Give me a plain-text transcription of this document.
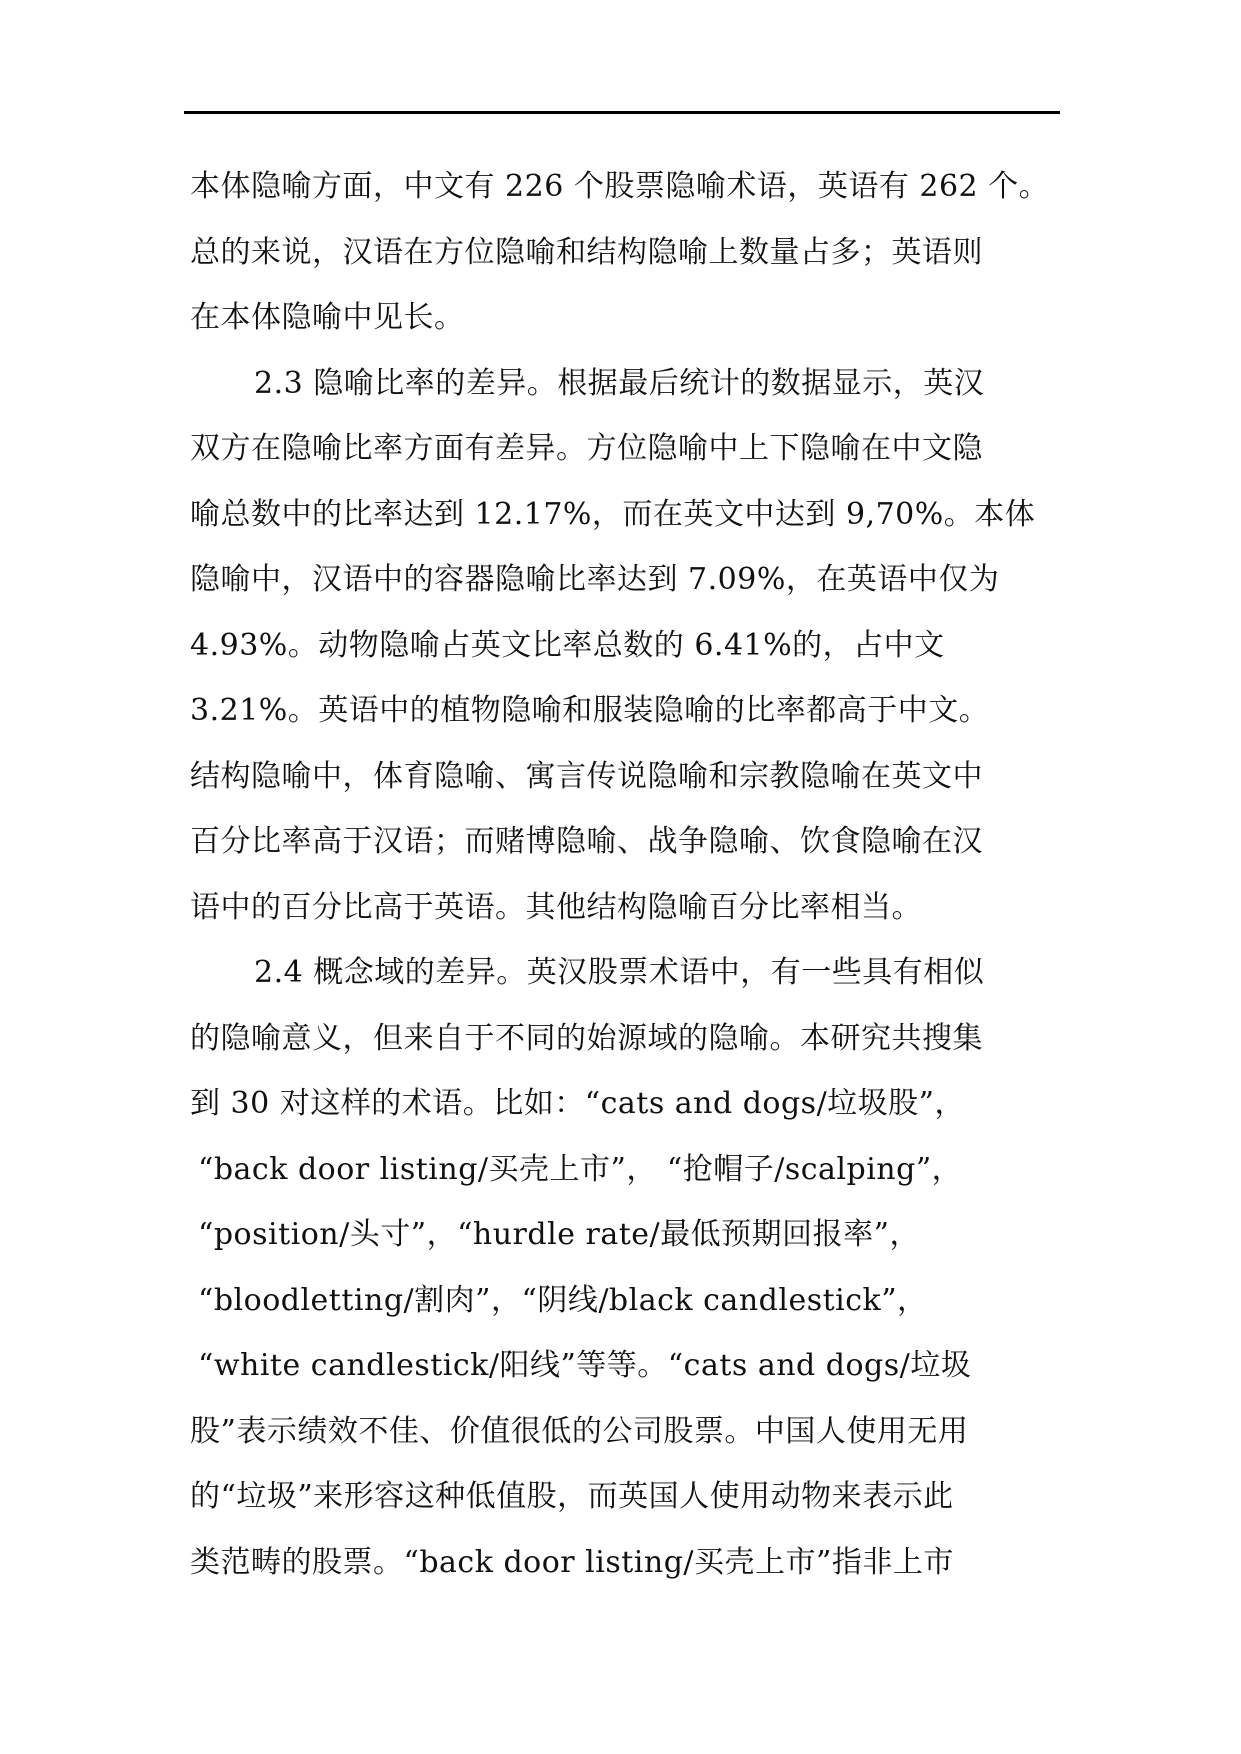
本体隐喻方面，中文有 226 个股票隐喻术语，英语有 262 个。
总的来说，汉语在方位隐喻和结构隐喻上数量占多；英语则
在本体隐喻中见长。
2.3 隐喻比率的差异。根据最后统计的数据显示，英汉
双方在隐喻比率方面有差异。方位隐喻中上下隐喻在中文隐
喻总数中的比率达到 12.17%，而在英文中达到 9,70%。本体
隐喻中，汉语中的容器隐喻比率达到 7.09%，在英语中仅为
4.93%。动物隐喻占英文比率总数的 6.41%的，占中文
3.21%。英语中的植物隐喻和服装隐喻的比率都高于中文。
结构隐喻中，体育隐喻、寓言传说隐喻和宗教隐喻在英文中
百分比率高于汉语；而赌博隐喻、战争隐喻、饮食隐喻在汉
语中的百分比高于英语。其他结构隐喻百分比率相当。
2.4 概念域的差异。英汉股票术语中，有一些具有相似
的隐喻意义，但来自于不同的始源域的隐喻。本研究共搜集
到 30 对这样的术语。比如：“cats and dogs/垃圾股”，
“back door listing/买壳上市”， “抢帽子/scalping”，
“position/头寸”，“hurdle rate/最低预期回报率”，
“bloodletting/割肉”，“阴线/black candlestick”，
“white candlestick/阳线”等等。“cats and dogs/垃圾
股”表示绩效不佳、价值很低的公司股票。中国人使用无用
的“垃圾”来形容这种低值股，而英国人使用动物来表示此
类范畴的股票。“back door listing/买壳上市”指非上市
